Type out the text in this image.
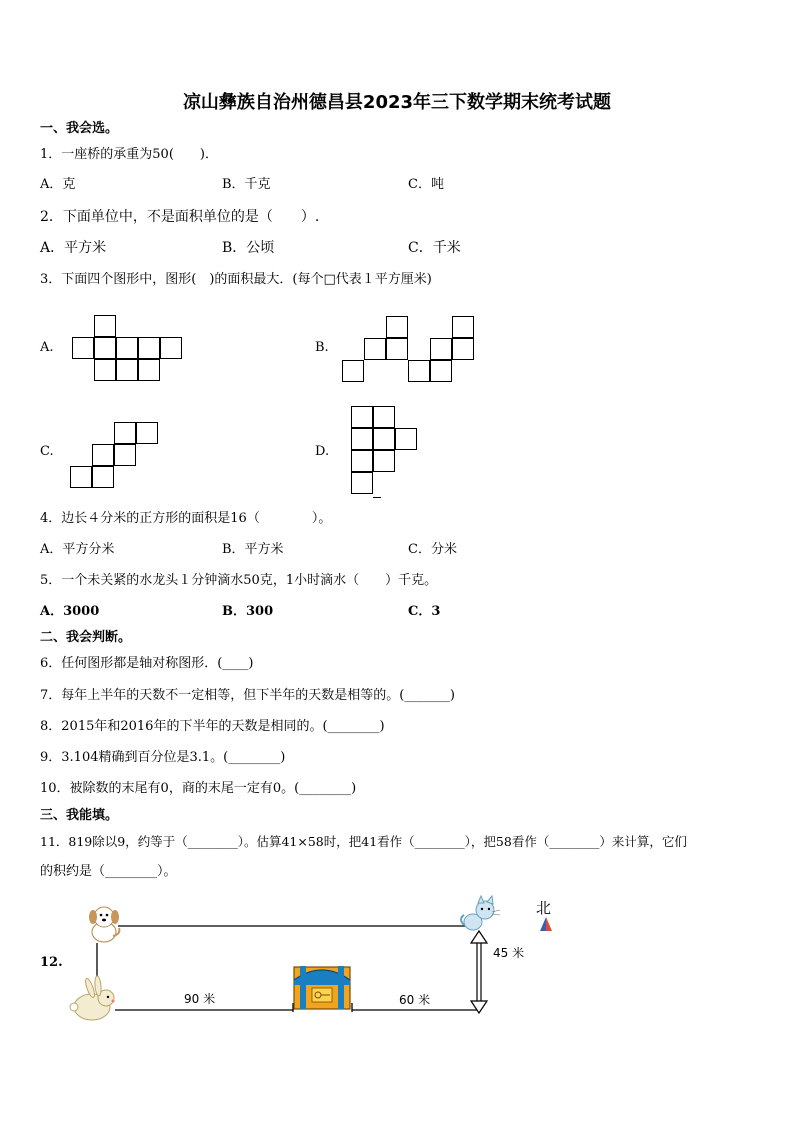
凉山彝族自治州德昌县2023年三下数学期末统考试题
一、我会选。
1．一座桥的承重为50(　　)．
A．克	B．千克	C．吨
2．下面单位中，不是面积单位的是（　　）.
A．平方米	B．公顷	C．千米
3．下面四个图形中，图形(　)的面积最大．(每个□代表１平方厘米)
A.	B.
C.	D.
4．边长４分米的正方形的面积是16（　　　　）。
A．平方分米	B．平方米	C．分米
5．一个未关紧的水龙头１分钟滴水50克，1小时滴水（　　）千克。
A．3000	B．300	C．3
二、我会判断。
6．任何图形都是轴对称图形．(____)
7．每年上半年的天数不一定相等，但下半年的天数是相等的。(_______)
8．2015年和2016年的下半年的天数是相同的。(________)
9．3.104精确到百分位是3.1。(________)
10．被除数的末尾有0，商的末尾一定有0。(________)
三、我能填。
11．819除以9，约等于（________）。估算41×58时，把41看作（________），把58看作（________）来计算，它们
的积约是（________）。
12.
北
45 米
90 米	60 米
